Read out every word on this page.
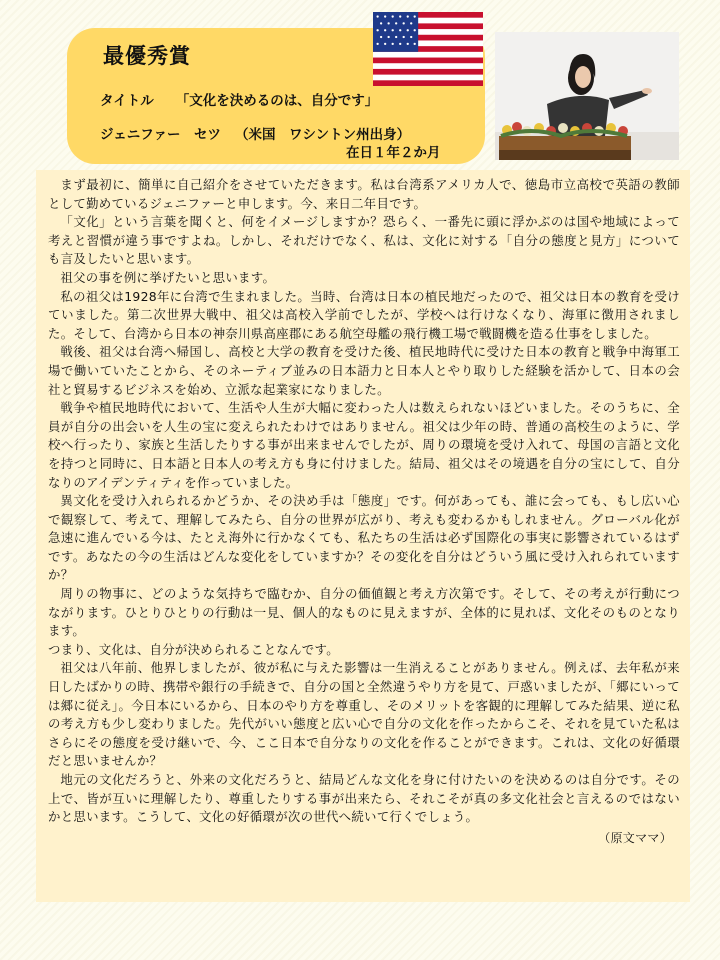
最優秀賞
タイトル 「文化を決めるのは、自分です」
ジェニファー　セツ （米国　ワシントン州出身）
在日１年２か月

まず最初に、簡単に自己紹介をさせていただきます。私は台湾系アメリカ人で、徳島市立高校で英語の教師として勤めているジェニファーと申します。今、来日二年目です。

「文化」という言葉を聞くと、何をイメージしますか？恐らく、一番先に頭に浮かぶのは国や地域によって考えと習慣が違う事ですよね。しかし、それだけでなく、私は、文化に対する「自分の態度と見方」についても言及したいと思います。

祖父の事を例に挙げたいと思います。

私の祖父は1928年に台湾で生まれました。当時、台湾は日本の植民地だったので、祖父は日本の教育を受けていました。第二次世界大戦中、祖父は高校入学前でしたが、学校へは行けなくなり、海軍に徴用されました。そして、台湾から日本の神奈川県高座郡にある航空母艦の飛行機工場で戦闘機を造る仕事をしました。

戦後、祖父は台湾へ帰国し、高校と大学の教育を受けた後、植民地時代に受けた日本の教育と戦争中海軍工場で働いていたことから、そのネーティブ並みの日本語力と日本人とやり取りした経験を活かして、日本の会社と貿易するビジネスを始め、立派な起業家になりました。

戦争や植民地時代において、生活や人生が大幅に変わった人は数えられないほどいました。そのうちに、全員が自分の出会いを人生の宝に変えられたわけではありません。祖父は少年の時、普通の高校生のように、学校へ行ったり、家族と生活したりする事が出来ませんでしたが、周りの環境を受け入れて、母国の言語と文化を持つと同時に、日本語と日本人の考え方も身に付けました。結局、祖父はその境遇を自分の宝にして、自分なりのアイデンティティを作っていました。

異文化を受け入れられるかどうか、その決め手は「態度」です。何があっても、誰に会っても、もし広い心で観察して、考えて、理解してみたら、自分の世界が広がり、考えも変わるかもしれません。グローバル化が急速に進んでいる今は、たとえ海外に行かなくても、私たちの生活は必ず国際化の事実に影響されているはずです。あなたの今の生活はどんな変化をしていますか？その変化を自分はどういう風に受け入れられていますか？

周りの物事に、どのような気持ちで臨むか、自分の価値観と考え方次第です。そして、その考えが行動につながります。ひとりひとりの行動は一見、個人的なものに見えますが、全体的に見れば、文化そのものとなります。

つまり、文化は、自分が決められることなんです。

祖父は八年前、他界しましたが、彼が私に与えた影響は一生消えることがありません。例えば、去年私が来日したばかりの時、携帯や銀行の手続きで、自分の国と全然違うやり方を見て、戸惑いましたが、「郷にいっては郷に従え」。今日本にいるから、日本のやり方を尊重し、そのメリットを客観的に理解してみた結果、逆に私の考え方も少し変わりました。先代がいい態度と広い心で自分の文化を作ったからこそ、それを見ていた私はさらにその態度を受け継いで、今、ここ日本で自分なりの文化を作ることができます。これは、文化の好循環だと思いませんか？

地元の文化だろうと、外来の文化だろうと、結局どんな文化を身に付けたいのを決めるのは自分です。その上で、皆が互いに理解したり、尊重したりする事が出来たら、それこそが真の多文化社会と言えるのではないかと思います。こうして、文化の好循環が次の世代へ続いて行くでしょう。

（原文ママ）
